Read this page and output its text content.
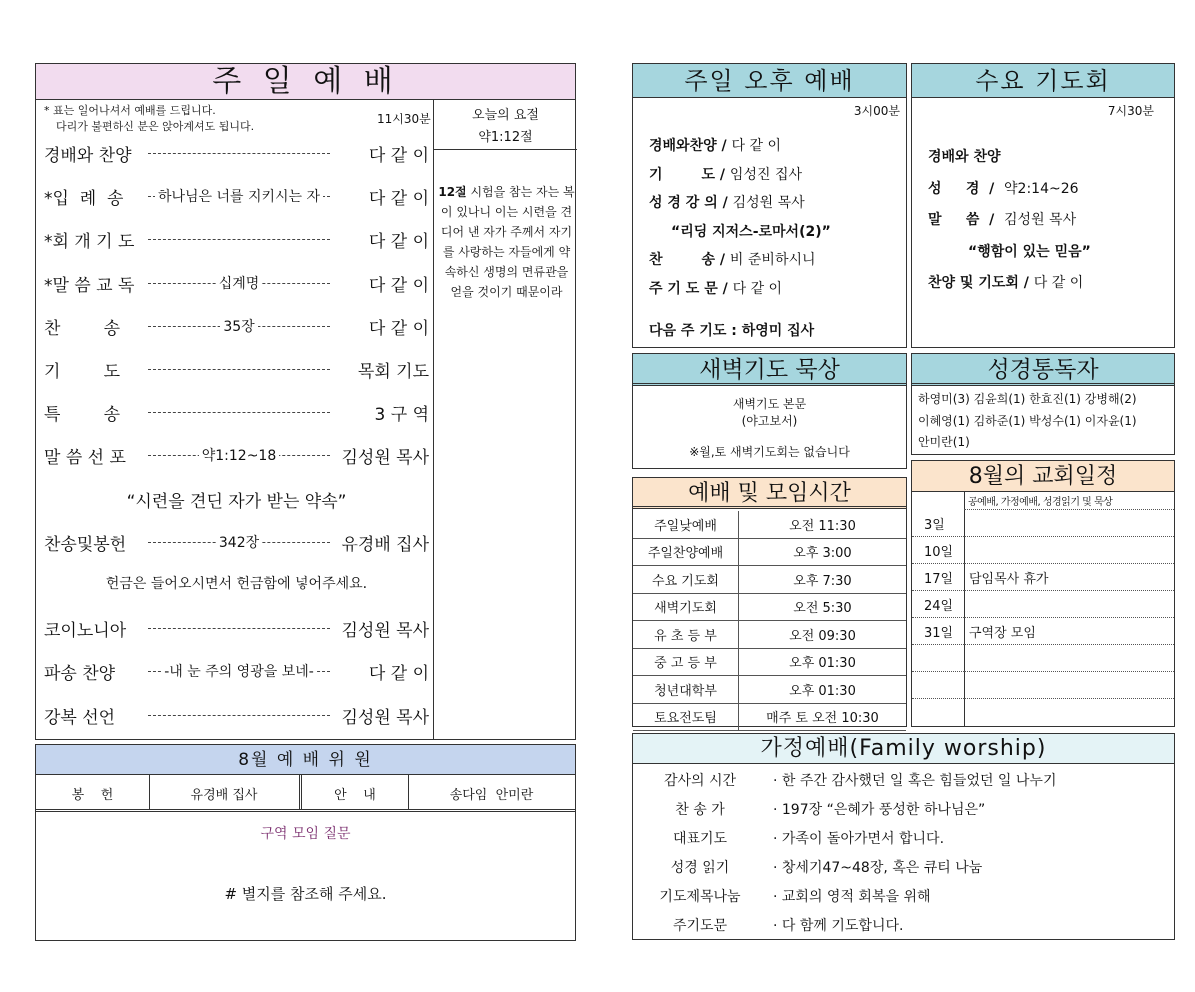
주 일 예 배
* 표는 일어나셔서 예배를 드립니다.
다리가 불편하신 분은 앉아계셔도 됩니다.
11시30분	오늘의 요절
약1:12절
12절 시험을 참는 자는 복이 있나니 이는 시련을 견디어 낸 자가 주께서 자기를 사랑하는 자들에게 약속하신 생명의 면류관을 얻을 것이기 때문이라
경배와 찬양	다 같 이
*입  례  송	하나님은 너를 지키시는 자	다 같 이
*회 개 기 도	다 같 이
*말 씀 교 독	십계명	다 같 이
찬        송	35장	다 같 이
기        도	목회 기도
특        송	3 구 역
말 씀 선 포	약1:12~18	김성원 목사
“시련을 견딘 자가 받는 약속”
찬송및봉헌	342장	유경배 집사
헌금은 들어오시면서 헌금함에 넣어주세요.
코이노니아	김성원 목사
파송 찬양	-내 눈 주의 영광을 보네-	다 같 이
강복 선언	김성원 목사
8월 예 배 위 원
봉    헌	유경배 집사	안    내	송다임  안미란
구역 모임 질문
# 별지를 참조해 주세요.
주일 오후 예배
3시00분
경배와찬양 / 다 같 이
기        도 / 임성진 집사
성 경 강 의 / 김성원 목사
“리딩 지저스-로마서(2)”
찬        송 / 비 준비하시니
주 기 도 문 / 다 같 이
다음 주 기도 : 하영미 집사
수요 기도회
7시30분
경배와 찬양
성     경  /  약2:14~26
말     씀  /  김성원 목사
“행함이 있는 믿음”
찬양 및 기도회 / 다 같 이
새벽기도 묵상
새벽기도 본문
(야고보서)
※월,토 새벽기도회는 없습니다
성경통독자
하영미(3) 김윤희(1) 한효진(1) 강병해(2)
이혜영(1) 김하준(1) 박성수(1) 이자윤(1)
안미란(1)
예배 및 모임시간
주일낮예배	오전 11:30
주일찬양예배	오후 3:00
수요 기도회	오후 7:30
새벽기도회	오전 5:30
유 초 등 부	오전 09:30
중 고 등 부	오후 01:30
청년대학부	오후 01:30
토요전도팀	매주 토 오전 10:30
8월의 교회일정
공예배, 가정예배, 성경읽기 및 묵상
3일	
10일	
17일	담임목사 휴가
24일	
31일	구역장 모임

가정예배(Family worship)
감사의 시간	· 한 주간 감사했던 일 혹은 힘들었던 일 나누기
찬 송 가	· 197장 “은혜가 풍성한 하나님은”
대표기도	· 가족이 돌아가면서 합니다.
성경 읽기	· 창세기47~48장, 혹은 큐티 나눔
기도제목나눔	· 교회의 영적 회복을 위해
주기도문	· 다 함께 기도합니다.
